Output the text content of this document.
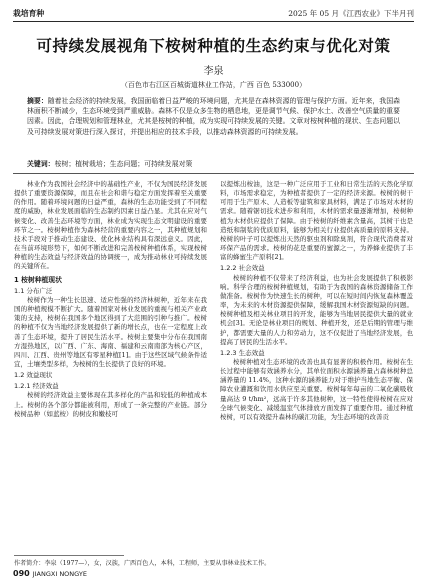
栽培育种	2025 年 05 月《江西农业》下半月刊
可持续发展视角下桉树种植的生态约束与优化对策
李泉
（百色市右江区百城街道林业工作站，广西 百色 533000）
摘要：随着社会经济的持续发展，我国面临着日益严峻的环境问题，尤其是在森林资源的管理与保护方面。近年来，我国森林面积不断减少，生态环境受到严重威胁。森林不仅是众多生物的栖息地，更是调节气候、保护水土、改善空气质量的重要因素。因此，合理规划和管理林业，尤其是桉树的种植，成为实现可持续发展的关键。文章对桉树种植的现状、生态问题以及可持续发展对策进行深入探讨，并提出相应的技术手段，以推动森林资源的可持续发展。
关键词：桉树；植树栽培；生态问题；可持续发展对策

林业作为我国社会经济中的基础性产业，不仅为国民经济发展提供了重要资源保障，而且在社会和谐与稳定方面发挥着至关重要的作用。随着环境问题的日益严重，森林的生态功能受到了不同程度的威胁，林业发展面临的生态制约因素日益凸显。尤其在应对气候变化、改善生态环境等方面，林业成为实现生态文明建设的重要环节之一。桉树种植作为森林经营的重要内容之一，其种植规划和技术手段对于推动生态建设、优化林业结构具有深远意义。因此，在当前环境形势下，如何不断改进和完善桉树种植体系，实现桉树种植的生态效益与经济效益的协调统一，成为推动林业可持续发展的关键所在。

1 桉树种植现状
1.1 分布广泛

桉树作为一种生长迅速、适应性强的经济林树种，近年来在我国的种植规模不断扩大。随着国家对林业发展的重视与相关产业政策的支持，桉树在我国多个地区得到了大范围的引种与推广。桉树的种植不仅为当地经济发展提供了新的增长点，也在一定程度上改善了生态环境，提升了居民生活水平。桉树主要集中分布在我国南方湿热地区，以广西、广东、海南、福建和云南南部为核心产区，四川、江西、贵州等地区有零星种植[1]。由于这些区域气候条件适宜，土壤类型多样，为桉树的生长提供了良好的环境。

1.2 效益现状
1.2.1 经济效益

桉树的经济效益主要体现在其多样化的产品和较低的种植成本上。桉树的各个部分都能被利用，形成了一条完整的产业链。部分桉树品种（如蓝桉）的树皮和嫩枝可

以提炼出桉油，这是一种广泛应用于工业和日常生活的天然化学原料，市场需求稳定，为种植者提供了一定的经济来源。桉树的树干可用于生产原木、人造板等建筑和家具材料，满足了市场对木材的需求。随着锯切技术进步和利用，木材的需求量逐渐增加，桉树种植为木材供应提供了保障。由于桉树的纤维素含量高，其树干也是造纸和制浆的优质原料，能够为相关行业提供高质量的原料支持。桉树的叶子可以提炼出天然的驱虫剂和除臭剂，符合现代消费者对环保产品的需求。桉树的花是重要的蜜源之一，为养蜂业提供了丰富的蜂蜜生产原料[2]。

1.2.2 社会效益

桉树的种植不仅带来了经济利益，也为社会发展提供了积极影响。科学合理的桉树种植规划，有助于为我国的森林资源储备工作做准备。桉树作为快速生长的树种，可以在短时间内恢复森林覆盖率，为未来的木材资源提供保障，缓解我国木材资源短缺的问题。桉树种植及相关林业项目的开发，能够为当地居民提供大量的就业机会[3]。无论是林业项目的规划、种植开发，还是后期的管理与维护，都需要大量的人力和劳动力，这不仅促进了当地经济发展，也提高了居民的生活水平。

1.2.3 生态效益

桉树种植对生态环境的改善也具有显著的积极作用。桉树在生长过程中能够有效涵养水分，其单位面积水源涵养量占森林树种总涵养量的 11.4%，这种水源的涵养能力对于维护当地生态平衡、保障农业灌溉和饮用水供应至关重要。桉树每年每亩的二氧化碳吸收量高达 9 t/hm²，远高于许多其他树种，这一特性使得桉树在应对全球气候变化、减缓温室气体排放方面发挥了重要作用。通过种植桉树，可以有效提升森林的碳汇功能，为生态环境的改善贡

作者简介：李泉（1977—），女，汉族，广西百色人，本科，工程师，主要从事林业技术工作。
090 JIANGXI NONGYE
